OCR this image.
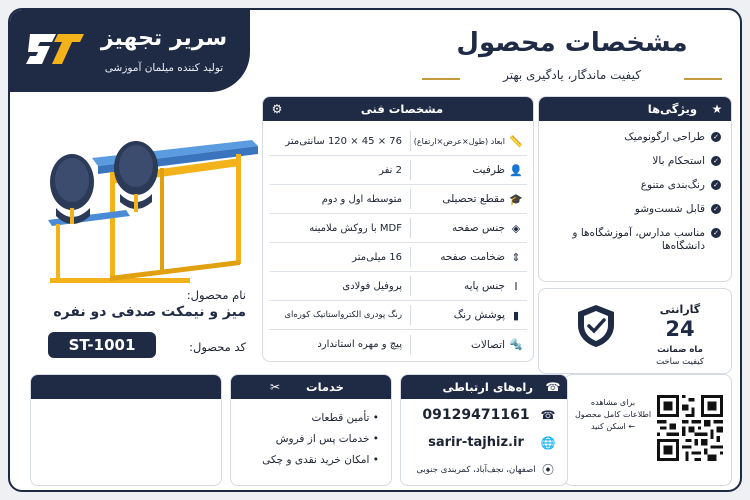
سریر تجهیز
تولید کننده میلمان آموزشی
مشخصات محصول
کیفیت ماندگار، یادگیری بهتر
★
ویژگی‌ها
✓
طراحی ارگونومیک
✓
استحکام بالا
✓
رنگ‌بندی متنوع
✓
قابل شست‌وشو
✓
مناسب مدارس، آموزشگاه‌ها و دانشگاه‌ها
گارانتی
24
ماه ضمانت
کیفیت ساخت
مشخصات فنی
⚙
📏
ابعاد (طول×عرض×ارتفاع)
76 × 45 × 120 سانتی‌متر
👤
ظرفیت
2 نفر
🎓
مقطع تحصیلی
متوسطه اول و دوم
◈
جنس صفحه
MDF با روکش ملامینه
⇕
ضخامت صفحه
16 میلی‌متر
Ⅰ
جنس پایه
پروفیل فولادی
▮
پوشش رنگ
رنگ پودری الکترواستاتیک کوره‌ای
🔩
اتصالات
پیچ و مهره استاندارد
نام محصول:
میز و نیمکت صدفی دو نفره
کد محصول:
ST-1001
برای مشاهده
اطلاعات کامل محصول
← اسکن کنید
☎
راه‌های ارتباطی
☎
09129471161
🌐
sarir-tajhiz.ir
⦿
اصفهان، نجف‌آباد، کمربندی جنوبی
خدمات
✂
• تأمین قطعات
• خدمات پس از فروش
• امکان خرید نقدی و چکی
